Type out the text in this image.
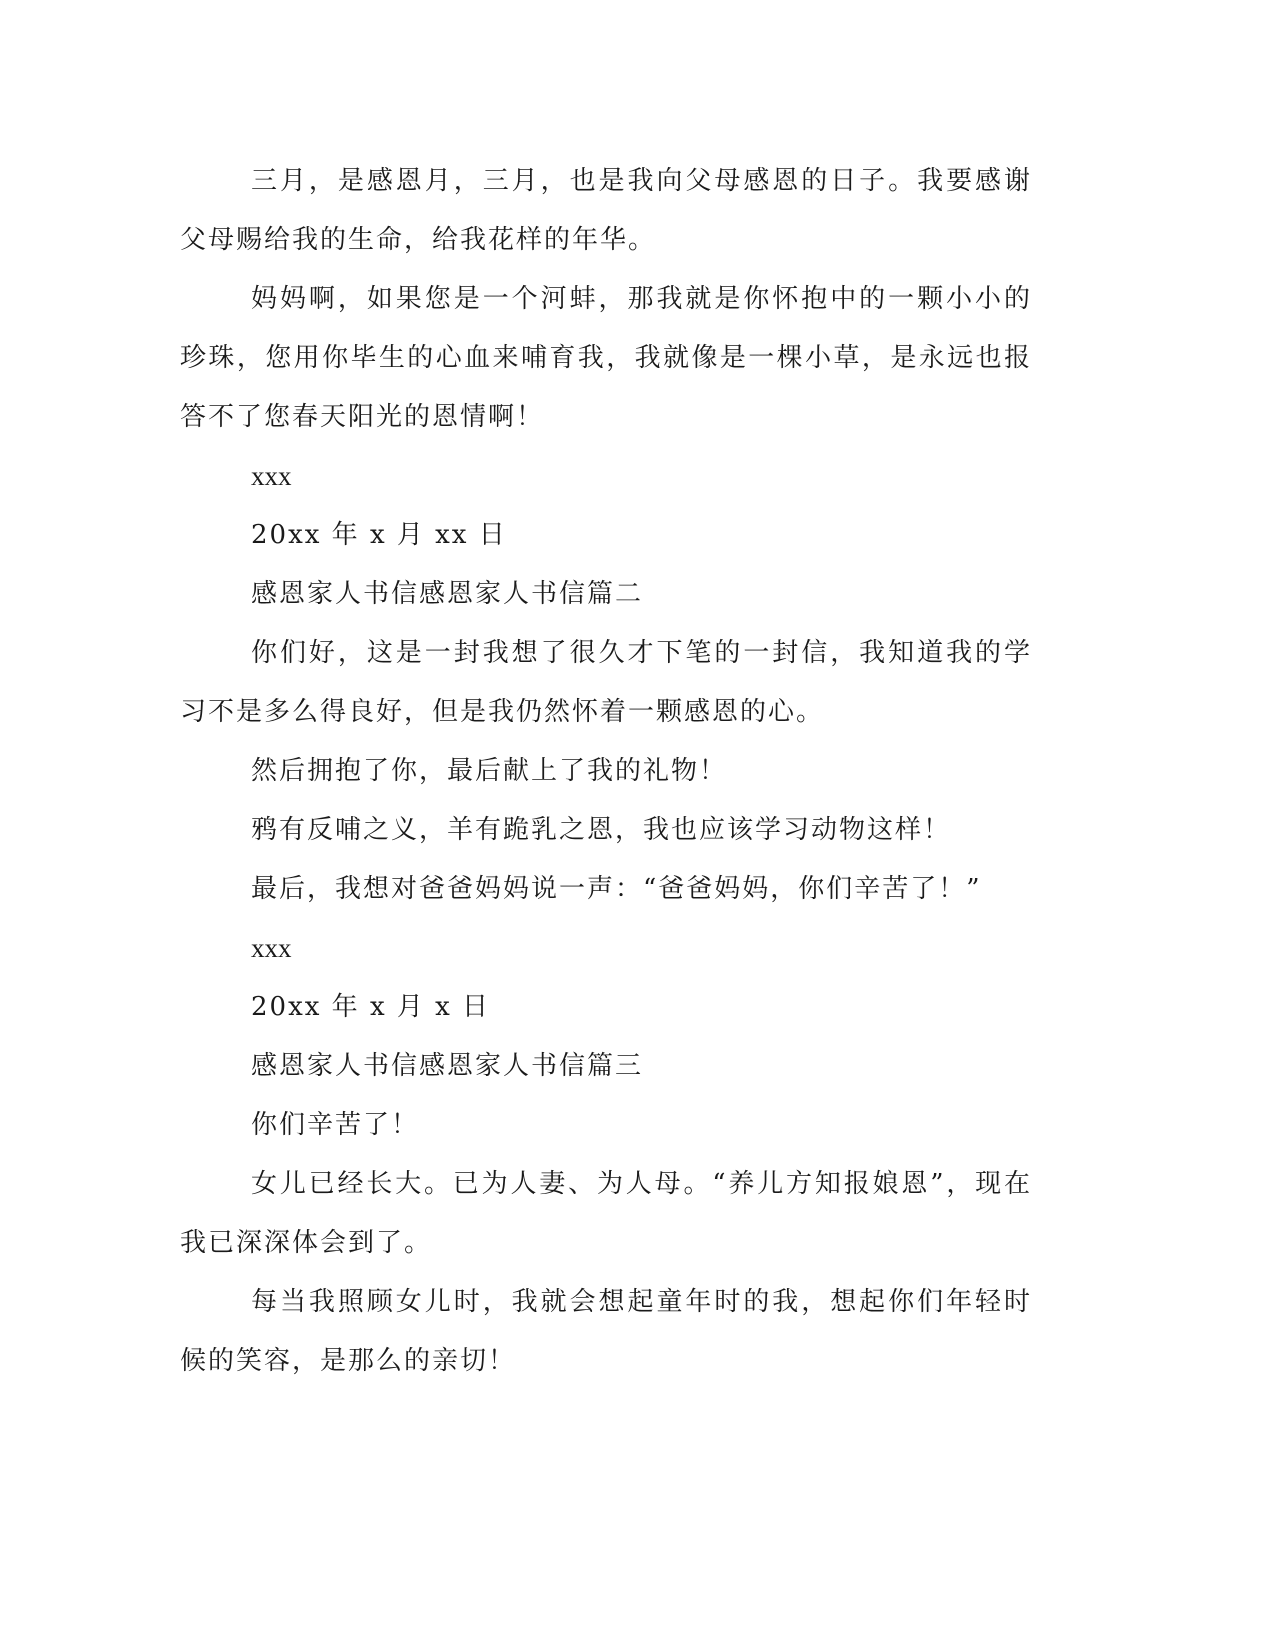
三月，是感恩月，三月，也是我向父母感恩的日子。我要感谢父母赐给我的生命，给我花样的年华。

妈妈啊，如果您是一个河蚌，那我就是你怀抱中的一颗小小的珍珠，您用你毕生的心血来哺育我，我就像是一棵小草，是永远也报答不了您春天阳光的恩情啊！

xxx

20xx 年 x 月 xx 日

感恩家人书信感恩家人书信篇二

你们好，这是一封我想了很久才下笔的一封信，我知道我的学习不是多么得良好，但是我仍然怀着一颗感恩的心。

然后拥抱了你，最后献上了我的礼物！

鸦有反哺之义，羊有跪乳之恩，我也应该学习动物这样！

最后，我想对爸爸妈妈说一声：“爸爸妈妈，你们辛苦了！”

xxx

20xx 年 x 月 x 日

感恩家人书信感恩家人书信篇三

你们辛苦了！

女儿已经长大。已为人妻、为人母。“养儿方知报娘恩”，现在我已深深体会到了。

每当我照顾女儿时，我就会想起童年时的我，想起你们年轻时候的笑容，是那么的亲切！
